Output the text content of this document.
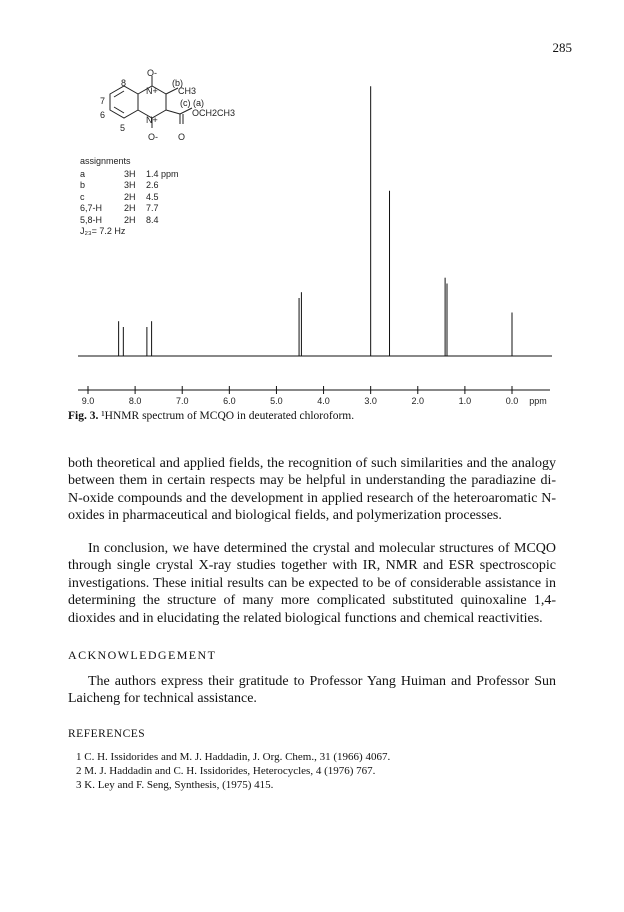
285
O-
8
N+
(b)
CH3
7	(c) (a)
6	OCH2CH3
N+
5
O- O
assignments
a	3H	1.4 ppm
b	3H	2.6
c	2H	4.5
6,7-H	2H	7.7
5,8-H	2H	8.4
J₂₃= 7.2 Hz
9.0	8.0	7.0	6.0	5.0	4.0	3.0	2.0	1.0	0.0 ppm
Fig. 3. ¹HNMR spectrum of MCQO in deuterated chloroform.
both theoretical and applied fields, the recognition of such similarities and the analogy between them in certain respects may be helpful in understanding the paradiazine di-N-oxide compounds and the development in applied research of the heteroaromatic N-oxides in pharmaceutical and biological fields, and polymerization processes.
In conclusion, we have determined the crystal and molecular structures of MCQO through single crystal X-ray studies together with IR, NMR and ESR spectroscopic investigations. These initial results can be expected to be of considerable assistance in determining the structure of many more complicated substituted quinoxaline 1,4-dioxides and in elucidating the related biological functions and chemical reactivities.
ACKNOWLEDGEMENT
The authors express their gratitude to Professor Yang Huiman and Professor Sun Laicheng for technical assistance.
REFERENCES
1 C. H. Issidorides and M. J. Haddadin, J. Org. Chem., 31 (1966) 4067.
2 M. J. Haddadin and C. H. Issidorides, Heterocycles, 4 (1976) 767.
3 K. Ley and F. Seng, Synthesis, (1975) 415.
